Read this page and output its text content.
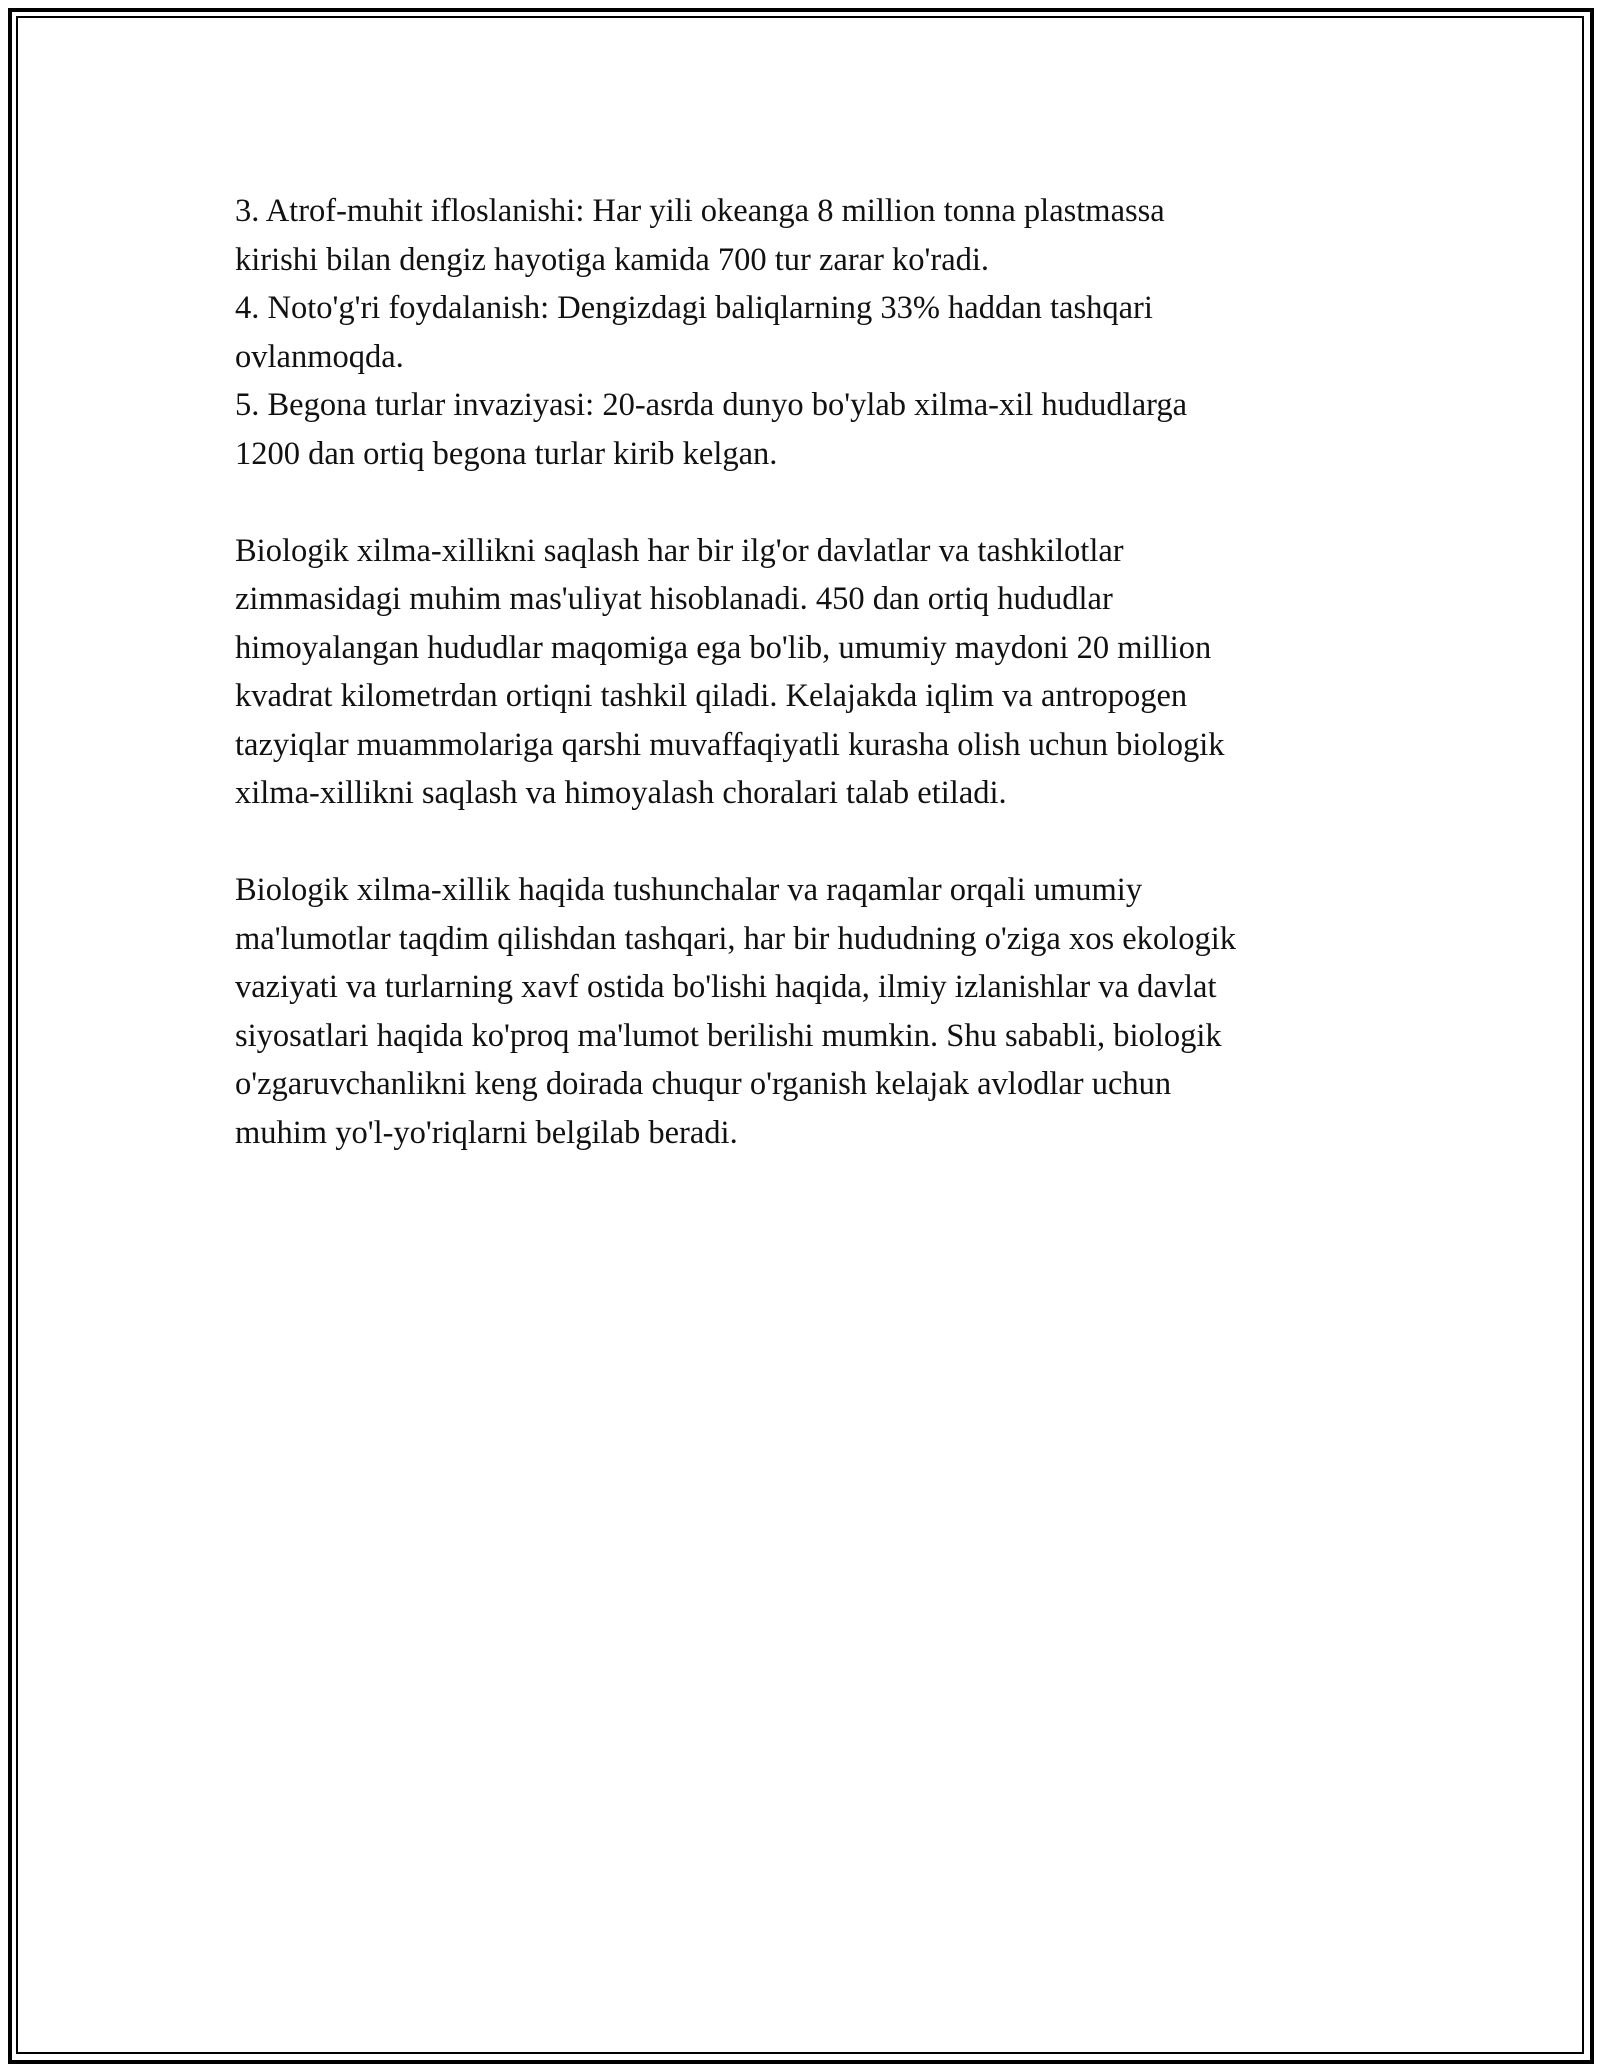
3. Atrof-muhit ifloslanishi: Har yili okeanga 8 million tonna plastmassa
kirishi bilan dengiz hayotiga kamida 700 tur zarar ko'radi.
4. Noto'g'ri foydalanish: Dengizdagi baliqlarning 33% haddan tashqari
ovlanmoqda.
5. Begona turlar invaziyasi: 20-asrda dunyo bo'ylab xilma-xil hududlarga
1200 dan ortiq begona turlar kirib kelgan.
Biologik xilma-xillikni saqlash har bir ilg'or davlatlar va tashkilotlar
zimmasidagi muhim mas'uliyat hisoblanadi. 450 dan ortiq hududlar
himoyalangan hududlar maqomiga ega bo'lib, umumiy maydoni 20 million
kvadrat kilometrdan ortiqni tashkil qiladi. Kelajakda iqlim va antropogen
tazyiqlar muammolariga qarshi muvaffaqiyatli kurasha olish uchun biologik
xilma-xillikni saqlash va himoyalash choralari talab etiladi.
Biologik xilma-xillik haqida tushunchalar va raqamlar orqali umumiy
ma'lumotlar taqdim qilishdan tashqari, har bir hududning o'ziga xos ekologik
vaziyati va turlarning xavf ostida bo'lishi haqida, ilmiy izlanishlar va davlat
siyosatlari haqida ko'proq ma'lumot berilishi mumkin. Shu sababli, biologik
o'zgaruvchanlikni keng doirada chuqur o'rganish kelajak avlodlar uchun
muhim yo'l-yo'riqlarni belgilab beradi.
